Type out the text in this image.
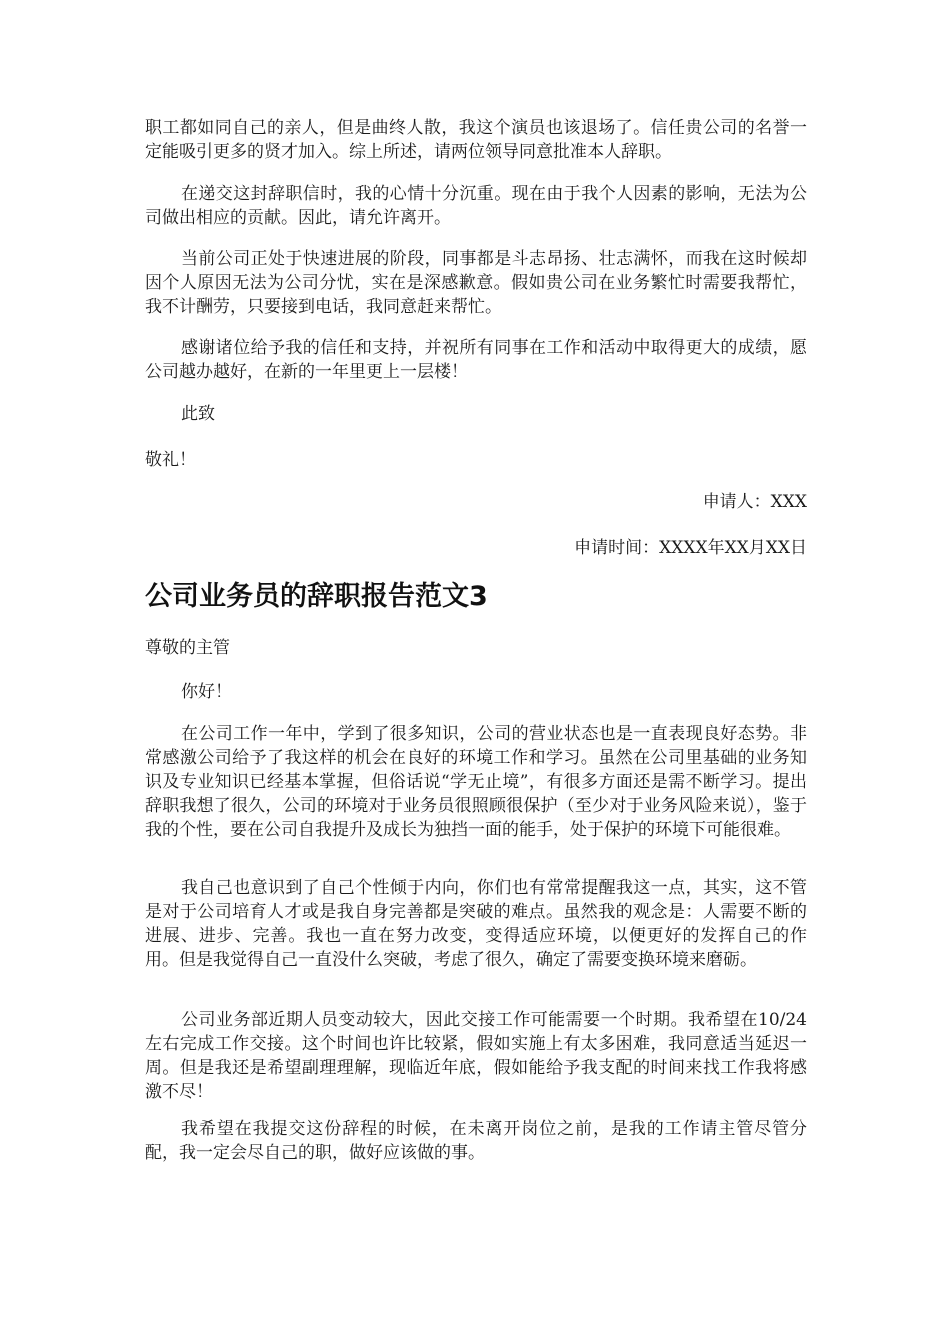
职工都如同自己的亲人，但是曲终人散，我这个演员也该退场了。信任贵公司的名誉一定能吸引更多的贤才加入。综上所述，请两位领导同意批准本人辞职。

在递交这封辞职信时，我的心情十分沉重。现在由于我个人因素的影响，无法为公司做出相应的贡献。因此，请允许离开。

当前公司正处于快速进展的阶段，同事都是斗志昂扬、壮志满怀，而我在这时候却因个人原因无法为公司分忧，实在是深感歉意。假如贵公司在业务繁忙时需要我帮忙，我不计酬劳，只要接到电话，我同意赶来帮忙。

感谢诸位给予我的信任和支持，并祝所有同事在工作和活动中取得更大的成绩，愿公司越办越好，在新的一年里更上一层楼！

此致

敬礼！

申请人：XXX

申请时间：XXXX年XX月XX日

公司业务员的辞职报告范文3

尊敬的主管

你好！

在公司工作一年中，学到了很多知识，公司的营业状态也是一直表现良好态势。非常感激公司给予了我这样的机会在良好的环境工作和学习。虽然在公司里基础的业务知识及专业知识已经基本掌握，但俗话说“学无止境”，有很多方面还是需不断学习。提出辞职我想了很久，公司的环境对于业务员很照顾很保护（至少对于业务风险来说），鉴于我的个性，要在公司自我提升及成长为独挡一面的能手，处于保护的环境下可能很难。

我自己也意识到了自己个性倾于内向，你们也有常常提醒我这一点，其实，这不管是对于公司培育人才或是我自身完善都是突破的难点。虽然我的观念是：人需要不断的进展、进步、完善。我也一直在努力改变，变得适应环境，以便更好的发挥自己的作用。但是我觉得自己一直没什么突破，考虑了很久，确定了需要变换环境来磨砺。

公司业务部近期人员变动较大，因此交接工作可能需要一个时期。我希望在10/24左右完成工作交接。这个时间也许比较紧，假如实施上有太多困难，我同意适当延迟一周。但是我还是希望副理理解，现临近年底，假如能给予我支配的时间来找工作我将感激不尽！

我希望在我提交这份辞程的时候，在未离开岗位之前，是我的工作请主管尽管分配，我一定会尽自己的职，做好应该做的事。
